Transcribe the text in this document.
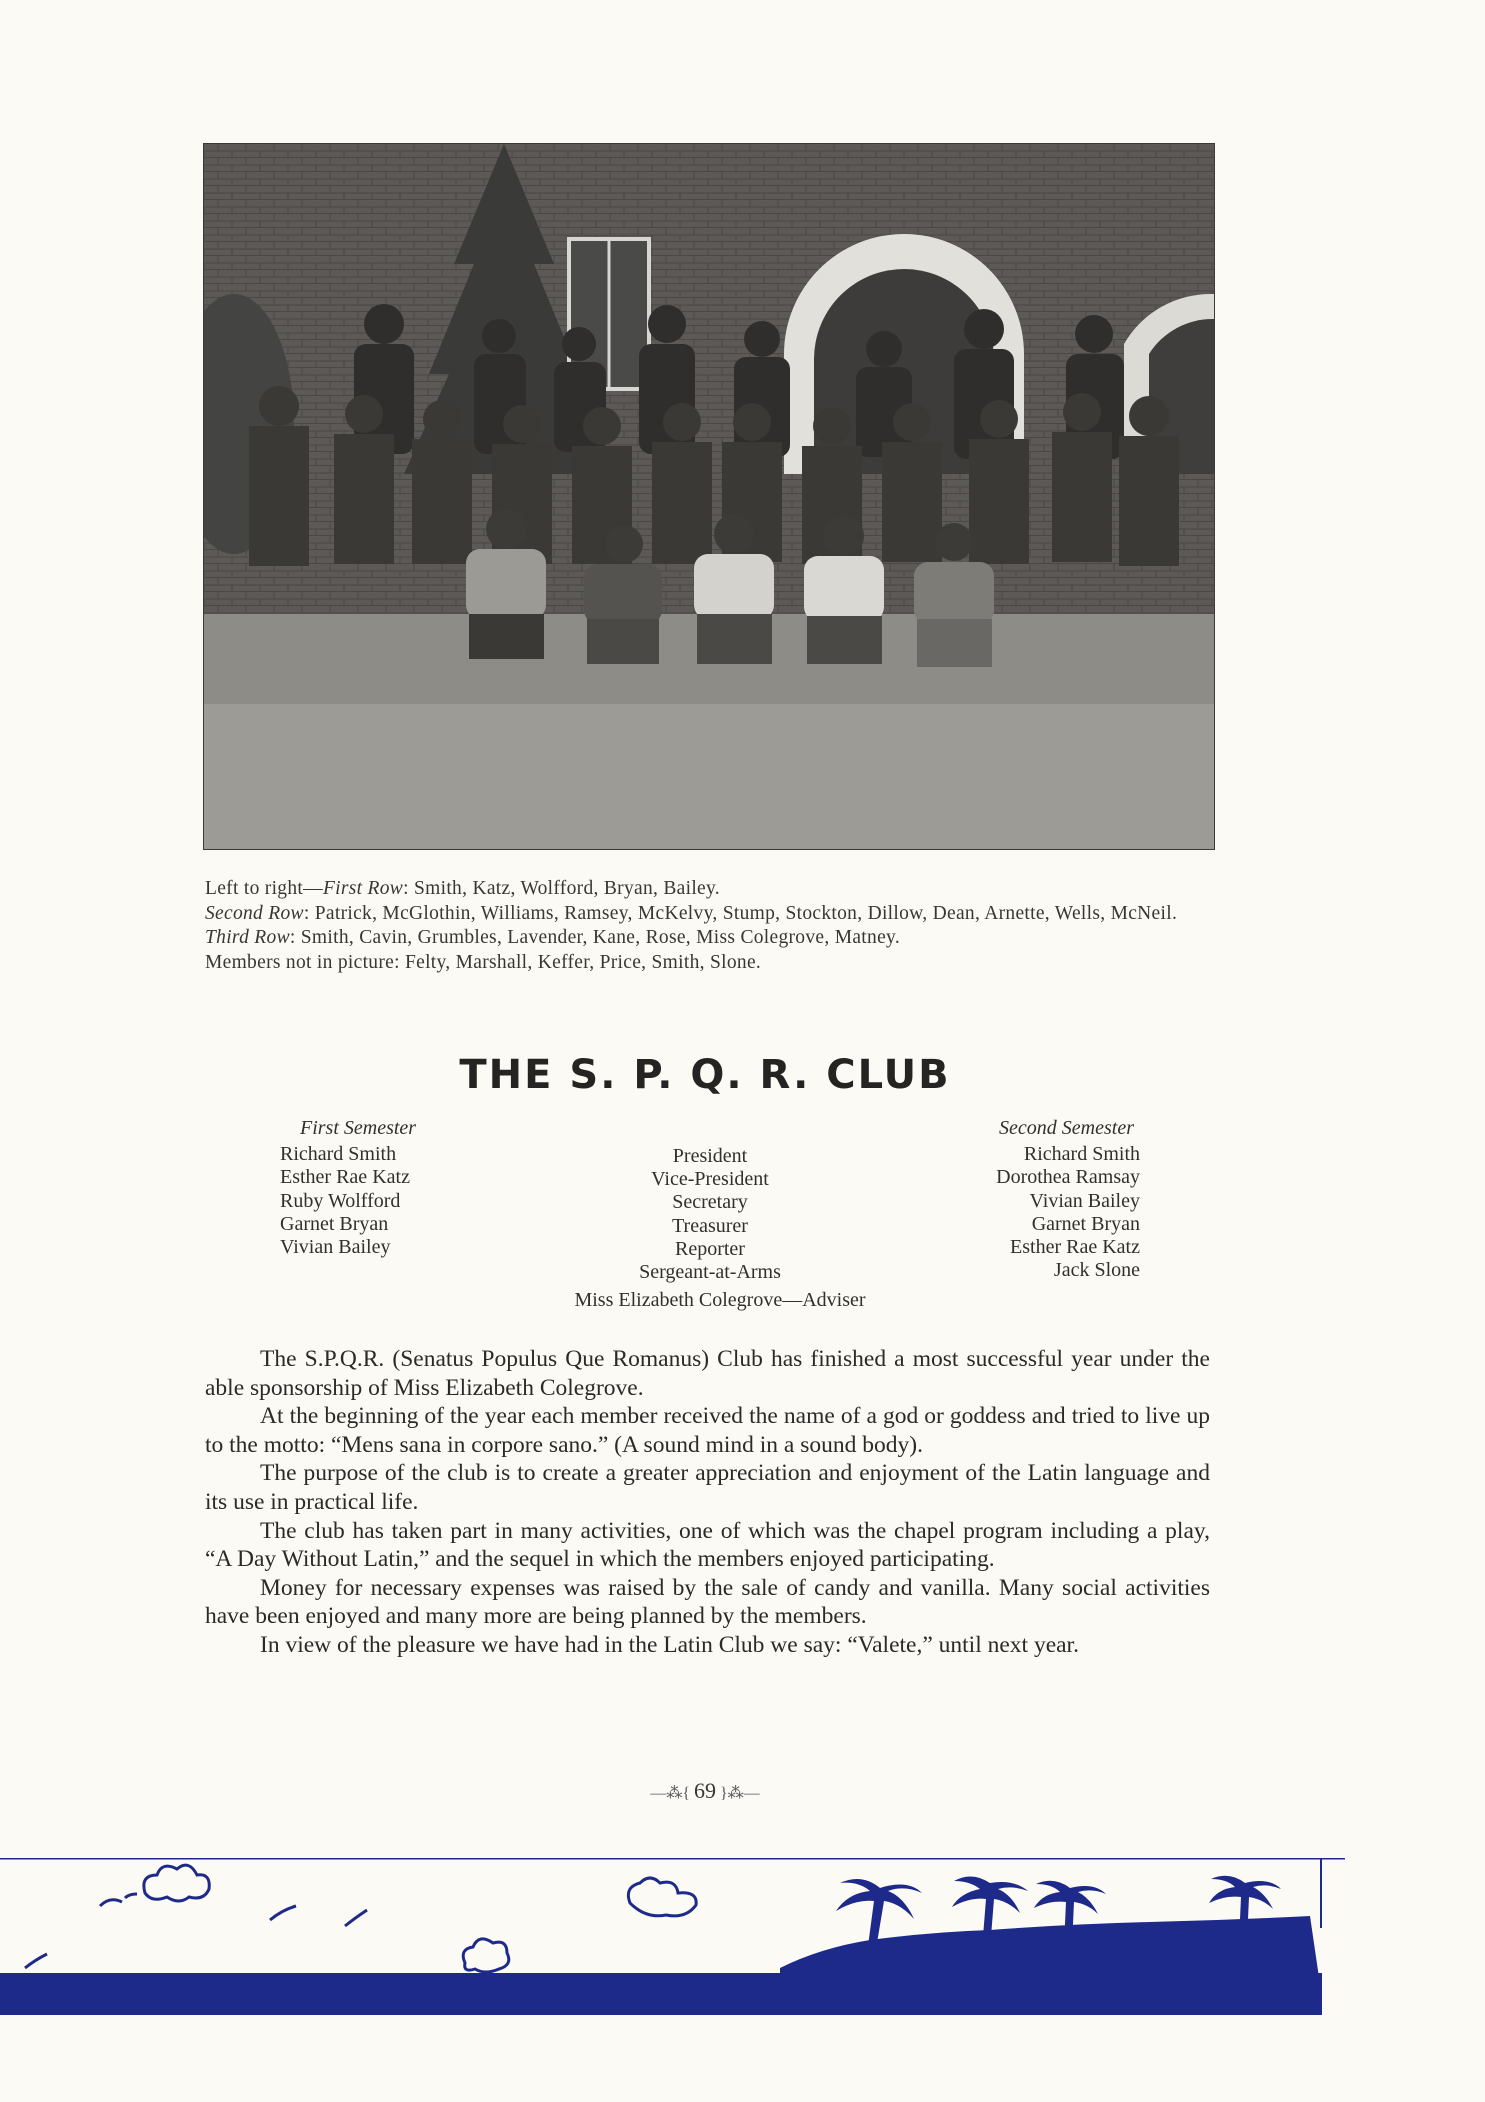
Left to right—First Row: Smith, Katz, Wolfford, Bryan, Bailey.

Second Row: Patrick, McGlothin, Williams, Ramsey, McKelvy, Stump, Stockton, Dillow, Dean, Arnette, Wells, McNeil.

Third Row: Smith, Cavin, Grumbles, Lavender, Kane, Rose, Miss Colegrove, Matney.

Members not in picture: Felty, Marshall, Keffer, Price, Smith, Slone.

THE S. P. Q. R. CLUB
First Semester
Richard Smith
Esther Rae Katz
Ruby Wolfford
Garnet Bryan
Vivian Bailey
President
Vice-President
Secretary
Treasurer
Reporter
Sergeant-at-Arms
Second Semester
Richard Smith
Dorothea Ramsay
Vivian Bailey
Garnet Bryan
Esther Rae Katz
Jack Slone
Miss Elizabeth Colegrove—Adviser

The S.P.Q.R. (Senatus Populus Que Romanus) Club has finished a most successful year under the able sponsorship of Miss Elizabeth Colegrove.

At the beginning of the year each member received the name of a god or goddess and tried to live up to the motto: “Mens sana in corpore sano.” (A sound mind in a sound body).

The purpose of the club is to create a greater appreciation and enjoyment of the Latin language and its use in practical life.

The club has taken part in many activities, one of which was the chapel program including a play, “A Day Without Latin,” and the sequel in which the members enjoyed participating.

Money for necessary expenses was raised by the sale of candy and vanilla. Many social activities have been enjoyed and many more are being planned by the members.

In view of the pleasure we have had in the Latin Club we say: “Valete,” until next year.

—⁂{ 69 }⁂—
